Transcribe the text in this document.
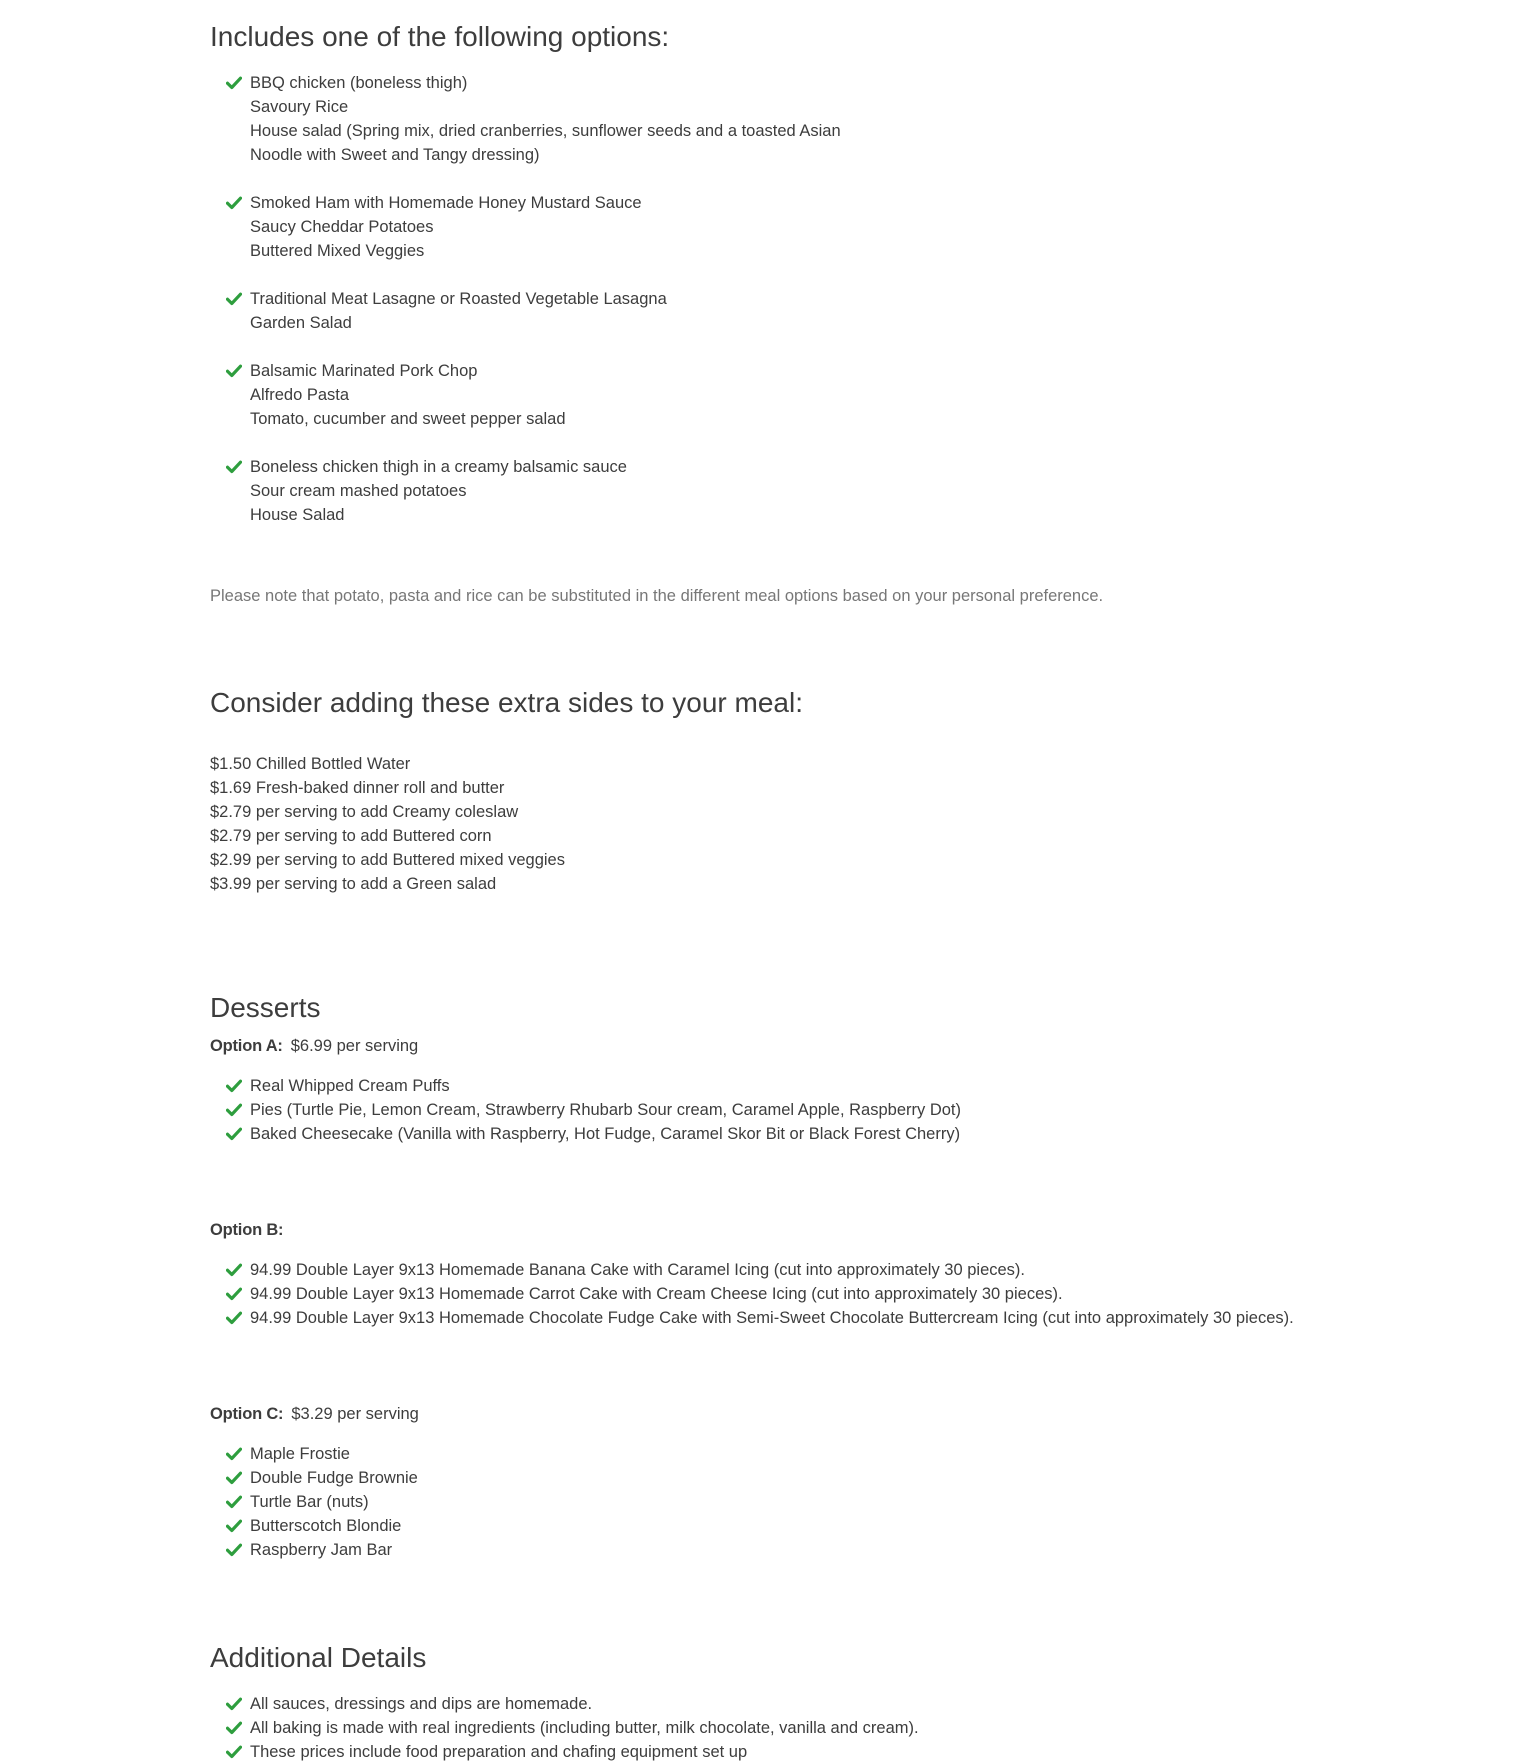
Includes one of the following options:
BBQ chicken (boneless thigh)
Savoury Rice
House salad (Spring mix, dried cranberries, sunflower seeds and a toasted Asian
Noodle with Sweet and Tangy dressing)
Smoked Ham with Homemade Honey Mustard Sauce
Saucy Cheddar Potatoes
Buttered Mixed Veggies
Traditional Meat Lasagne or Roasted Vegetable Lasagna
Garden Salad
Balsamic Marinated Pork Chop
Alfredo Pasta
Tomato, cucumber and sweet pepper salad
Boneless chicken thigh in a creamy balsamic sauce
Sour cream mashed potatoes
House Salad
Please note that potato, pasta and rice can be substituted in the different meal options based on your personal preference.
Consider adding these extra sides to your meal:
$1.50 Chilled Bottled Water
$1.69 Fresh-baked dinner roll and butter
$2.79 per serving to add Creamy coleslaw
$2.79 per serving to add Buttered corn
$2.99 per serving to add Buttered mixed veggies
$3.99 per serving to add a Green salad
Desserts
Option A: $6.99 per serving
Real Whipped Cream Puffs
Pies (Turtle Pie, Lemon Cream, Strawberry Rhubarb Sour cream, Caramel Apple, Raspberry Dot)
Baked Cheesecake (Vanilla with Raspberry, Hot Fudge, Caramel Skor Bit or Black Forest Cherry)
Option B:
94.99 Double Layer 9x13 Homemade Banana Cake with Caramel Icing (cut into approximately 30 pieces).
94.99 Double Layer 9x13 Homemade Carrot Cake with Cream Cheese Icing (cut into approximately 30 pieces).
94.99 Double Layer 9x13 Homemade Chocolate Fudge Cake with Semi-Sweet Chocolate Buttercream Icing (cut into approximately 30 pieces).
Option C: $3.29 per serving
Maple Frostie
Double Fudge Brownie
Turtle Bar (nuts)
Butterscotch Blondie
Raspberry Jam Bar
Additional Details
All sauces, dressings and dips are homemade.
All baking is made with real ingredients (including butter, milk chocolate, vanilla and cream).
These prices include food preparation and chafing equipment set up
